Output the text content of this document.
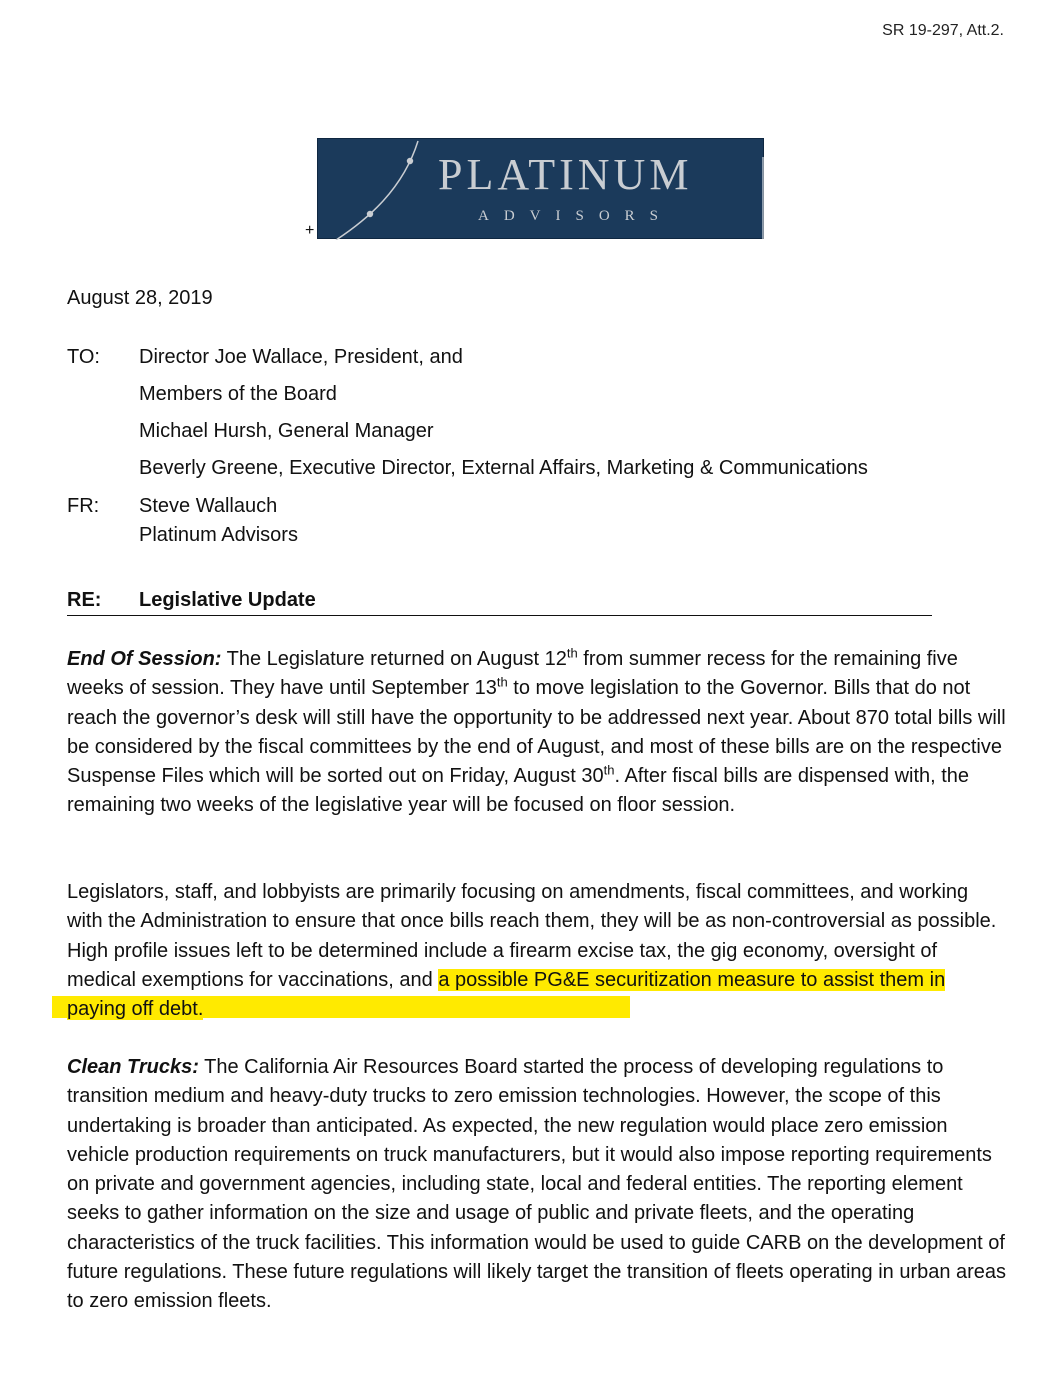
SR 19-297, Att.2.
PLATINUM
ADVISORS
+
August 28, 2019
TO: Director Joe Wallace, President, and
Members of the Board
Michael Hursh, General Manager
Beverly Greene, Executive Director, External Affairs, Marketing & Communications
FR: Steve Wallauch
Platinum Advisors
RE: Legislative Update

End Of Session: The Legislature returned on August 12th from summer recess for the remaining five weeks of session. They have until September 13th to move legislation to the Governor. Bills that do not reach the governor’s desk will still have the opportunity to be addressed next year. About 870 total bills will be considered by the fiscal committees by the end of August, and most of these bills are on the respective Suspense Files which will be sorted out on Friday, August 30th. After fiscal bills are dispensed with, the remaining two weeks of the legislative year will be focused on floor session.

Legislators, staff, and lobbyists are primarily focusing on amendments, fiscal committees, and working with the Administration to ensure that once bills reach them, they will be as non-controversial as possible. High profile issues left to be determined include a firearm excise tax, the gig economy, oversight of medical exemptions for vaccinations, and a possible PG&E securitization measure to assist them in paying off debt.

Clean Trucks: The California Air Resources Board started the process of developing regulations to transition medium and heavy-duty trucks to zero emission technologies. However, the scope of this undertaking is broader than anticipated. As expected, the new regulation would place zero emission vehicle production requirements on truck manufacturers, but it would also impose reporting requirements on private and government agencies, including state, local and federal entities. The reporting element seeks to gather information on the size and usage of public and private fleets, and the operating characteristics of the truck facilities. This information would be used to guide CARB on the development of future regulations. These future regulations will likely target the transition of fleets operating in urban areas to zero emission fleets.
